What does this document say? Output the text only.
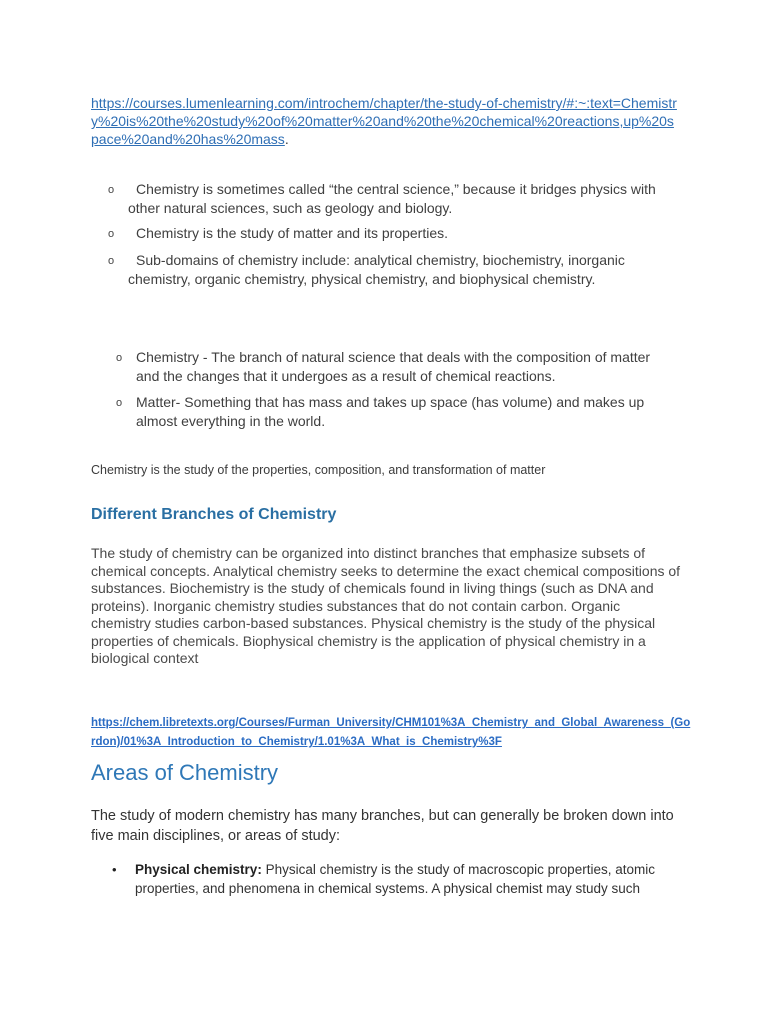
https://courses.lumenlearning.com/introchem/chapter/the-study-of-chemistry/#:~:text=Chemistry%20is%20the%20study%20of%20matter%20and%20the%20chemical%20reactions,up%20space%20and%20has%20mass.
o Chemistry is sometimes called “the central science,” because it bridges physics with other natural sciences, such as geology and biology.
o Chemistry is the study of matter and its properties.
o Sub-domains of chemistry include: analytical chemistry, biochemistry, inorganic chemistry, organic chemistry, physical chemistry, and biophysical chemistry.
o Chemistry - The branch of natural science that deals with the composition of matter and the changes that it undergoes as a result of chemical reactions.
o Matter- Something that has mass and takes up space (has volume) and makes up almost everything in the world.
Chemistry is the study of the properties, composition, and transformation of matter
Different Branches of Chemistry
The study of chemistry can be organized into distinct branches that emphasize subsets of chemical concepts. Analytical chemistry seeks to determine the exact chemical compositions of substances. Biochemistry is the study of chemicals found in living things (such as DNA and proteins). Inorganic chemistry studies substances that do not contain carbon. Organic chemistry studies carbon-based substances. Physical chemistry is the study of the physical properties of chemicals. Biophysical chemistry is the application of physical chemistry in a biological context
https://chem.libretexts.org/Courses/Furman_University/CHM101%3A_Chemistry_and_Global_Awareness_(Gordon)/01%3A_Introduction_to_Chemistry/1.01%3A_What_is_Chemistry%3F
Areas of Chemistry
The study of modern chemistry has many branches, but can generally be broken down into five main disciplines, or areas of study:
• Physical chemistry: Physical chemistry is the study of macroscopic properties, atomic properties, and phenomena in chemical systems. A physical chemist may study such
